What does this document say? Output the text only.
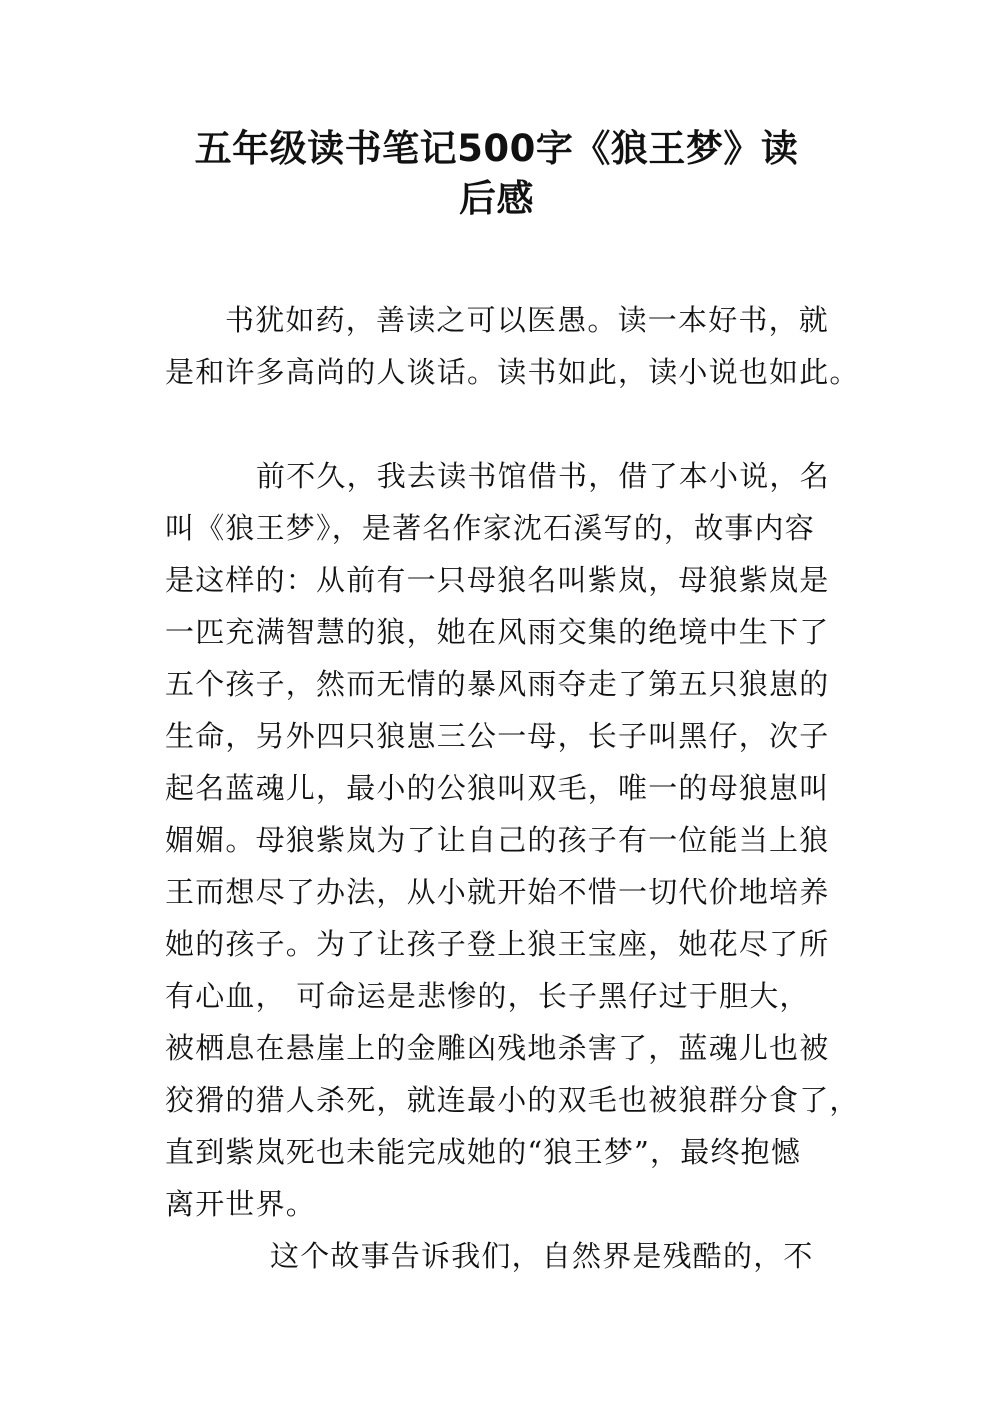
五年级读书笔记500字《狼王梦》读
后感

书犹如药，善读之可以医愚。读一本好书，就

是和许多高尚的人谈话。读书如此，读小说也如此。

前不久，我去读书馆借书，借了本小说，名

叫《狼王梦》，是著名作家沈石溪写的，故事内容

是这样的：从前有一只母狼名叫紫岚，母狼紫岚是

一匹充满智慧的狼，她在风雨交集的绝境中生下了

五个孩子，然而无情的暴风雨夺走了第五只狼崽的

生命，另外四只狼崽三公一母，长子叫黑仔，次子

起名蓝魂儿，最小的公狼叫双毛，唯一的母狼崽叫

媚媚。母狼紫岚为了让自己的孩子有一位能当上狼

王而想尽了办法，从小就开始不惜一切代价地培养

她的孩子。为了让孩子登上狼王宝座，她花尽了所

有心血， 可命运是悲惨的，长子黑仔过于胆大，

被栖息在悬崖上的金雕凶残地杀害了，蓝魂儿也被

狡猾的猎人杀死，就连最小的双毛也被狼群分食了，

直到紫岚死也未能完成她的“狼王梦”，最终抱憾

离开世界。

这个故事告诉我们，自然界是残酷的，不
